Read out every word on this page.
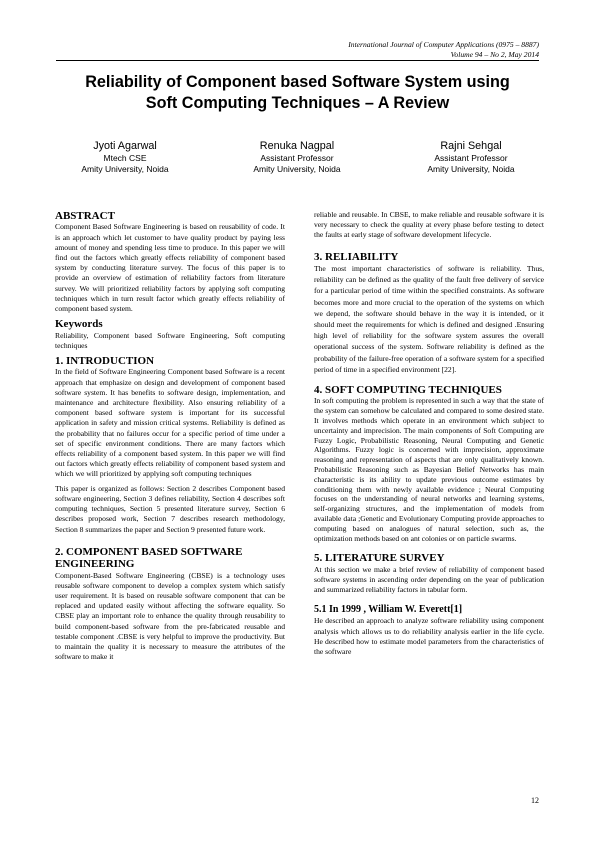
International Journal of Computer Applications (0975 – 8887)
Volume 94 – No 2, May 2014
Reliability of Component based Software System using
Soft Computing Techniques – A Review
Jyoti Agarwal
Mtech CSE
Amity University, Noida
Renuka Nagpal
Assistant Professor
Amity University, Noida
Rajni Sehgal
Assistant Professor
Amity University, Noida
ABSTRACT

Component Based Software Engineering is based on reusability of code. It is an approach which let customer to have quality product by paying less amount of money and spending less time to produce. In this paper we will find out the factors which greatly effects reliability of component based system by conducting literature survey. The focus of this paper is to provide an overview of estimation of reliability factors from literature survey. We will prioritized reliability factors by applying soft computing techniques which in turn result factor which greatly effects reliability of component based system.

Keywords

Reliability, Component based Software Engineering, Soft computing techniques

1. INTRODUCTION

In the field of Software Engineering Component based Software is a recent approach that emphasize on design and development of component based software system. It has benefits to software design, implementation, and maintenance and architecture flexibility. Also ensuring reliability of a component based software system is important for its successful application in safety and mission critical systems. Reliability is defined as the probability that no failures occur for a specific period of time under a set of specific environment conditions. There are many factors which effects reliability of a component based system. In this paper we will find out factors which greatly effects reliability of component based system and which we will prioritized by applying soft computing techniques

This paper is organized as follows: Section 2 describes Component based software engineering, Section 3 defines reliability, Section 4 describes soft computing techniques, Section 5 presented literature survey, Section 6 describes proposed work, Section 7 describes research methodology, Section 8 summarizes the paper and Section 9 presented future work.

2. COMPONENT BASED SOFTWARE
ENGINEERING

Component-Based Software Engineering (CBSE) is a technology uses reusable software component to develop a complex system which satisfy user requirement. It is based on reusable software component that can be replaced and updated easily without affecting the software equality. So CBSE play an important role to enhance the quality through reusability to build component-based software from the pre-fabricated reusable and testable component .CBSE is very helpful to improve the productivity. But to maintain the quality it is necessary to measure the attributes of the software to make it

reliable and reusable. In CBSE, to make reliable and reusable software it is very necessary to check the quality at every phase before testing to detect the faults at early stage of software development lifecycle.

3. RELIABILITY

The most important characteristics of software is reliability. Thus, reliability can be defined as the quality of the fault free delivery of service for a particular period of time within the specified constraints. As software becomes more and more crucial to the operation of the systems on which we depend, the software should behave in the way it is intended, or it should meet the requirements for which is defined and designed .Ensuring high level of reliability for the software system assures the overall operational success of the system. Software reliability is defined as the probability of the failure-free operation of a software system for a specified period of time in a specified environment [22].

4. SOFT COMPUTING TECHNIQUES

In soft computing the problem is represented in such a way that the state of the system can somehow be calculated and compared to some desired state. It involves methods which operate in an environment which subject to uncertainty and imprecision. The main components of Soft Computing are Fuzzy Logic, Probabilistic Reasoning, Neural Computing and Genetic Algorithms. Fuzzy logic is concerned with imprecision, approximate reasoning and representation of aspects that are only qualitatively known. Probabilistic Reasoning such as Bayesian Belief Networks has main characteristic is its ability to update previous outcome estimates by conditioning them with newly available evidence ; Neural Computing focuses on the understanding of neural networks and learning systems, self-organizing structures, and the implementation of models from available data ;Genetic and Evolutionary Computing provide approaches to computing based on analogues of natural selection, such as, the optimization methods based on ant colonies or on particle swarms.

5. LITERATURE SURVEY

At this section we make a brief review of reliability of component based software systems in ascending order depending on the year of publication and summarized reliability factors in tabular form.

5.1 In 1999 , William W. Everett[1]

He described an approach to analyze software reliability using component analysis which allows us to do reliability analysis earlier in the life cycle. He described how to estimate model parameters from the characteristics of the software

12
